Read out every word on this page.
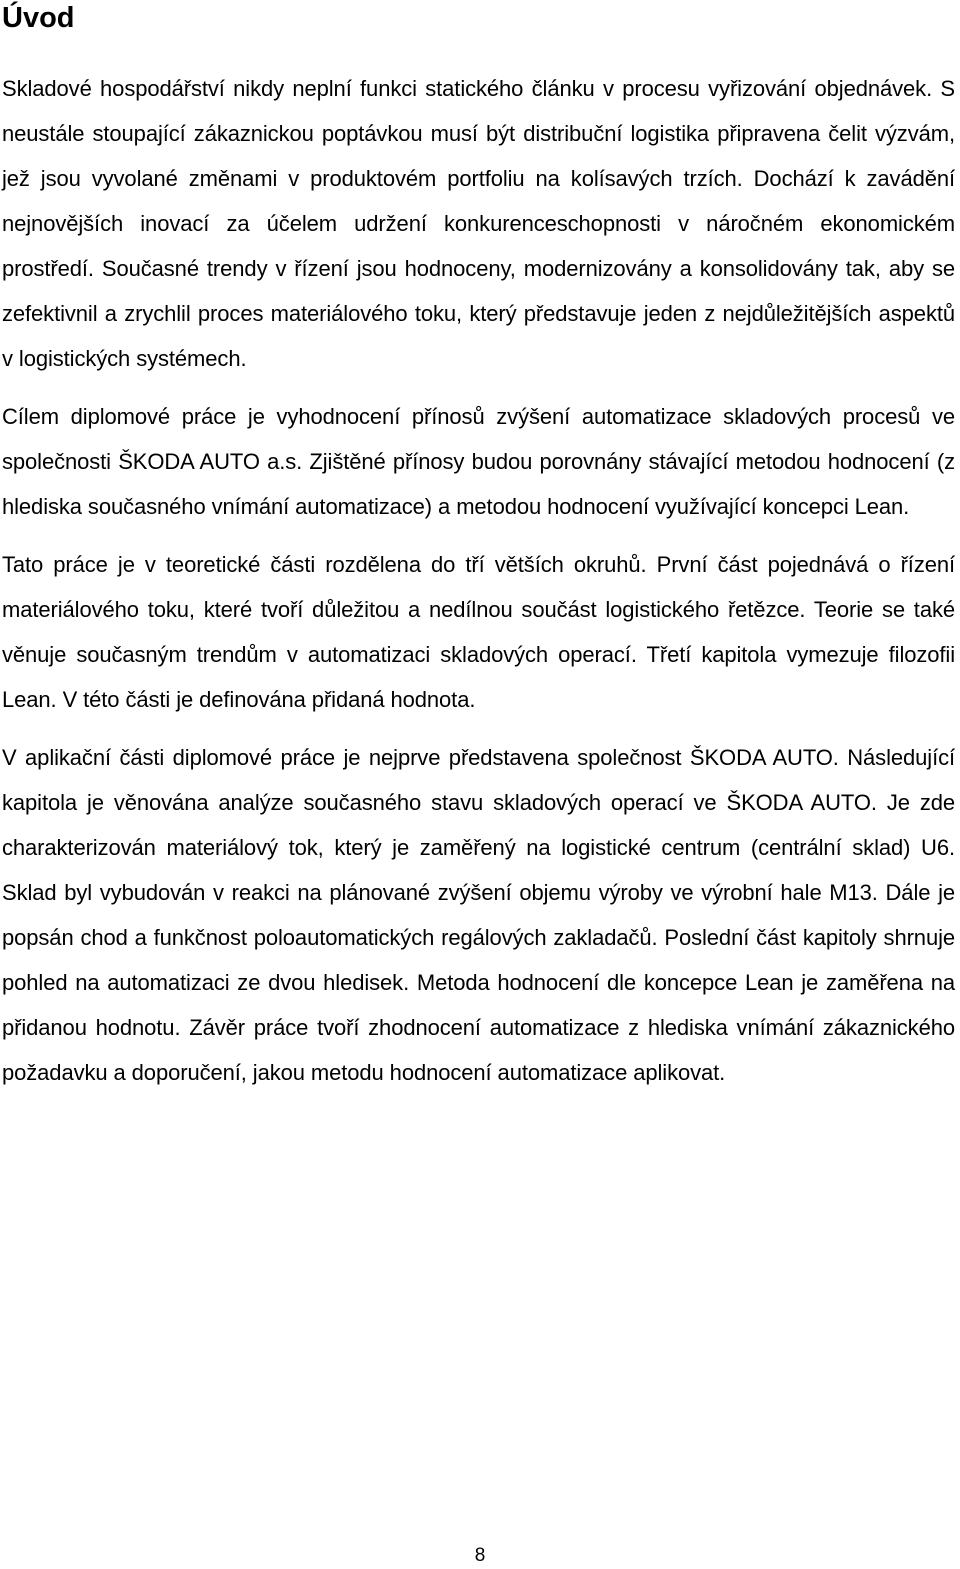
Úvod

Skladové hospodářství nikdy neplní funkci statického článku v procesu vyřizování objednávek. S neustále stoupající zákaznickou poptávkou musí být distribuční logistika připravena čelit výzvám, jež jsou vyvolané změnami v produktovém portfoliu na kolísavých trzích. Dochází k zavádění nejnovějších inovací za účelem udržení konkurenceschopnosti v náročném ekonomickém prostředí. Současné trendy v řízení jsou hodnoceny, modernizovány a konsolidovány tak, aby se zefektivnil a zrychlil proces materiálového toku, který představuje jeden z nejdůležitějších aspektů v logistických systémech.

Cílem diplomové práce je vyhodnocení přínosů zvýšení automatizace skladových procesů ve společnosti ŠKODA AUTO a.s. Zjištěné přínosy budou porovnány stávající metodou hodnocení (z hlediska současného vnímání automatizace) a metodou hodnocení využívající koncepci Lean.

Tato práce je v teoretické části rozdělena do tří větších okruhů. První část pojednává o řízení materiálového toku, které tvoří důležitou a nedílnou součást logistického řetězce. Teorie se také věnuje současným trendům v automatizaci skladových operací. Třetí kapitola vymezuje filozofii Lean. V této části je definována přidaná hodnota.

V aplikační části diplomové práce je nejprve představena společnost ŠKODA AUTO. Následující kapitola je věnována analýze současného stavu skladových operací ve ŠKODA AUTO. Je zde charakterizován materiálový tok, který je zaměřený na logistické centrum (centrální sklad) U6. Sklad byl vybudován v reakci na plánované zvýšení objemu výroby ve výrobní hale M13. Dále je popsán chod a funkčnost poloautomatických regálových zakladačů. Poslední část kapitoly shrnuje pohled na automatizaci ze dvou hledisek. Metoda hodnocení dle koncepce Lean je zaměřena na přidanou hodnotu. Závěr práce tvoří zhodnocení automatizace z hlediska vnímání zákaznického požadavku a doporučení, jakou metodu hodnocení automatizace aplikovat.

8
